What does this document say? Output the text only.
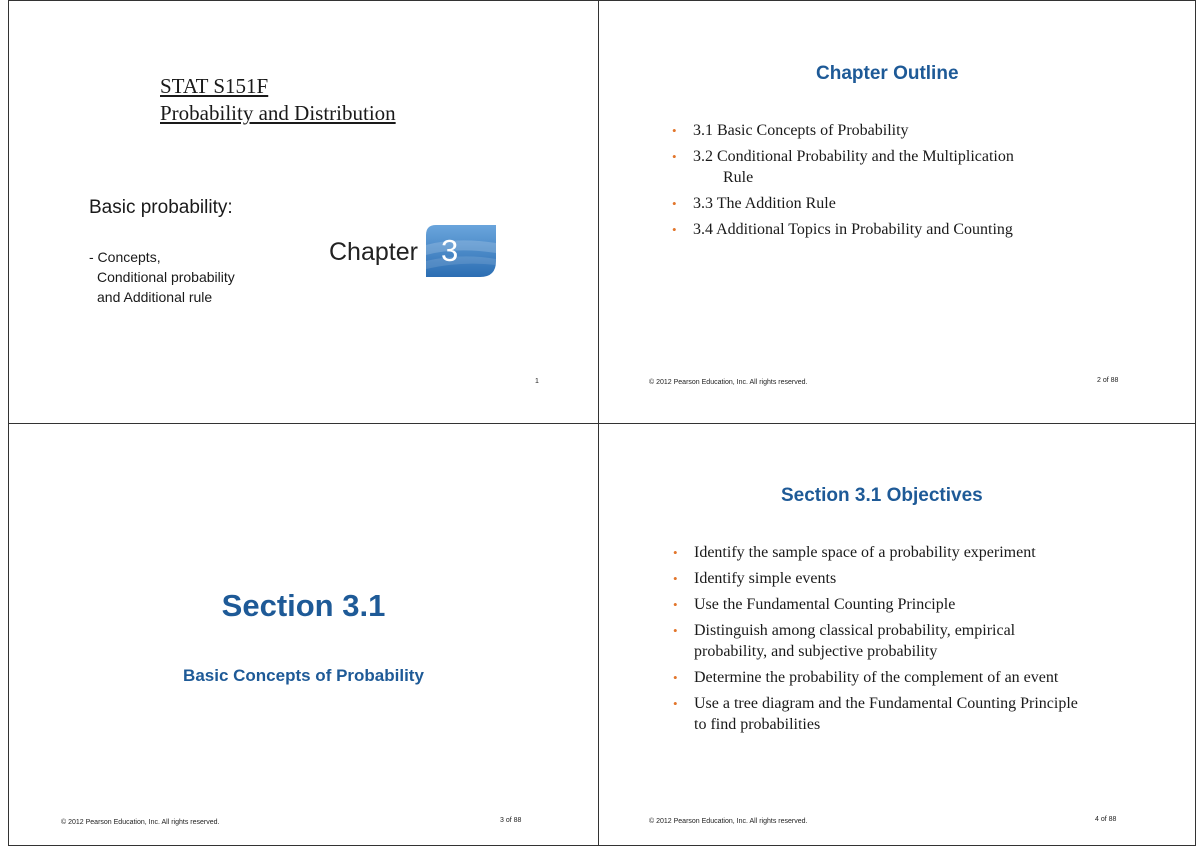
STAT S151F
Probability and Distribution
Basic probability:
- Concepts,
Conditional probability
and Additional rule
Chapter 3
1
Chapter Outline
• 3.1 Basic Concepts of Probability
• 3.2 Conditional Probability and the Multiplication
Rule
• 3.3 The Addition Rule
• 3.4 Additional Topics in Probability and Counting
© 2012 Pearson Education, Inc. All rights reserved.	2 of 88
Section 3.1
Basic Concepts of Probability
© 2012 Pearson Education, Inc. All rights reserved.	3 of 88
Section 3.1 Objectives
• Identify the sample space of a probability experiment
• Identify simple events
• Use the Fundamental Counting Principle
• Distinguish among classical probability, empirical probability, and subjective probability
• Determine the probability of the complement of an event
• Use a tree diagram and the Fundamental Counting Principle to find probabilities
© 2012 Pearson Education, Inc. All rights reserved.	4 of 88
